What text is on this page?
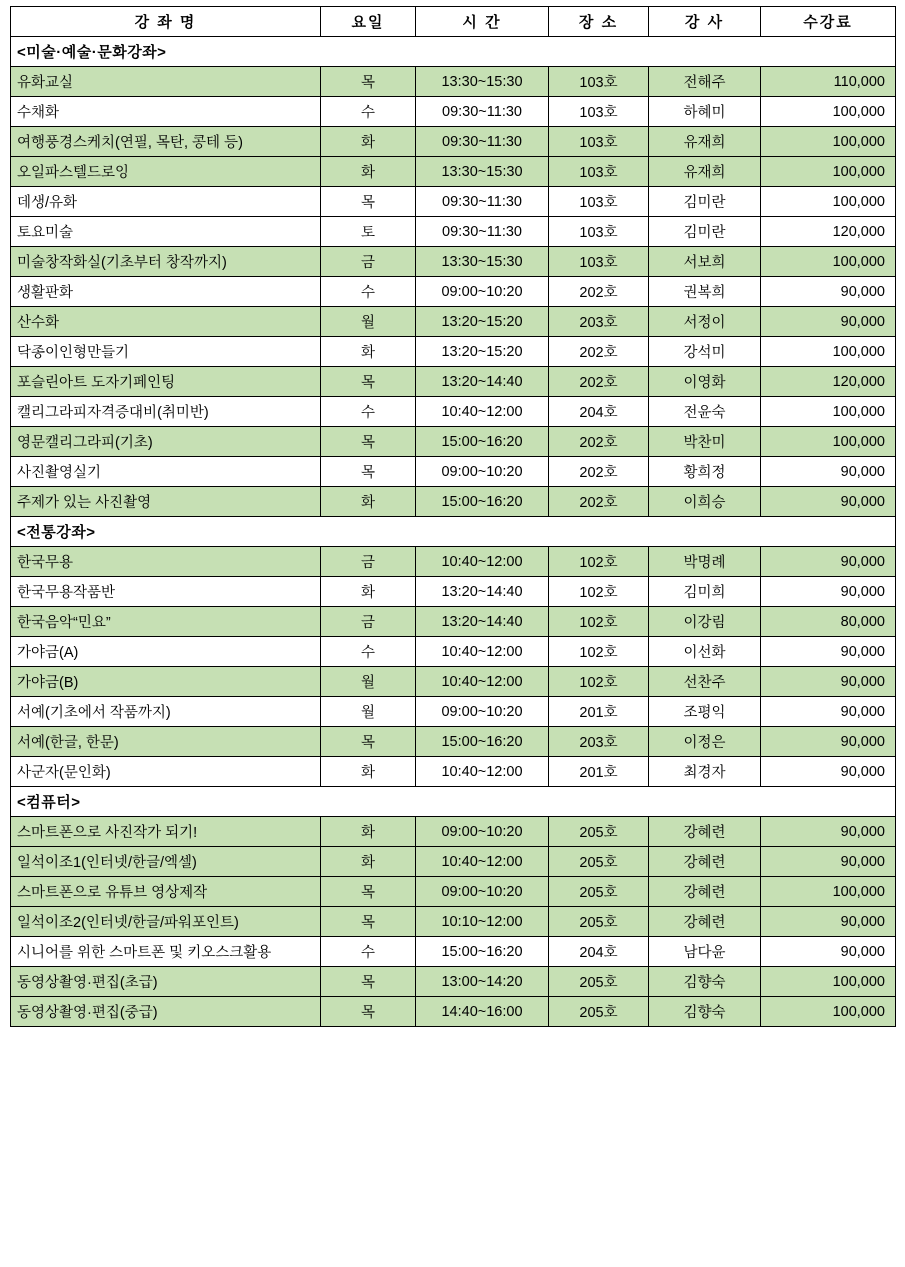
강 좌 명	요일	시 간	장 소	강 사	수강료
<미술·예술·문화강좌>					
유화교실	목	13:30~15:30	103호	전해주	110,000
수채화	수	09:30~11:30	103호	하혜미	100,000
여행풍경스케치(연필, 목탄, 콩테 등)	화	09:30~11:30	103호	유재희	100,000
오일파스텔드로잉	화	13:30~15:30	103호	유재희	100,000
데생/유화	목	09:30~11:30	103호	김미란	100,000
토요미술	토	09:30~11:30	103호	김미란	120,000
미술창작화실(기초부터 창작까지)	금	13:30~15:30	103호	서보희	100,000
생활판화	수	09:00~10:20	202호	권복희	90,000
산수화	월	13:20~15:20	203호	서정이	90,000
닥종이인형만들기	화	13:20~15:20	202호	강석미	100,000
포슬린아트 도자기페인팅	목	13:20~14:40	202호	이영화	120,000
캘리그라피자격증대비(취미반)	수	10:40~12:00	204호	전윤숙	100,000
영문캘리그라피(기초)	목	15:00~16:20	202호	박찬미	100,000
사진촬영실기	목	09:00~10:20	202호	황희정	90,000
주제가 있는 사진촬영	화	15:00~16:20	202호	이희승	90,000
<전통강좌>					
한국무용	금	10:40~12:00	102호	박명례	90,000
한국무용작품반	화	13:20~14:40	102호	김미희	90,000
한국음악“민요”	금	13:20~14:40	102호	이강림	80,000
가야금(A)	수	10:40~12:00	102호	이선화	90,000
가야금(B)	월	10:40~12:00	102호	선찬주	90,000
서예(기초에서 작품까지)	월	09:00~10:20	201호	조평익	90,000
서예(한글, 한문)	목	15:00~16:20	203호	이정은	90,000
사군자(문인화)	화	10:40~12:00	201호	최경자	90,000
<컴퓨터>					
스마트폰으로 사진작가 되기!	화	09:00~10:20	205호	강혜련	90,000
일석이조1(인터넷/한글/엑셀)	화	10:40~12:00	205호	강혜련	90,000
스마트폰으로 유튜브 영상제작	목	09:00~10:20	205호	강혜련	100,000
일석이조2(인터넷/한글/파워포인트)	목	10:10~12:00	205호	강혜련	90,000
시니어를 위한 스마트폰 및 키오스크활용	수	15:00~16:20	204호	남다윤	90,000
동영상촬영·편집(초급)	목	13:00~14:20	205호	김향숙	100,000
동영상촬영·편집(중급)	목	14:40~16:00	205호	김향숙	100,000
